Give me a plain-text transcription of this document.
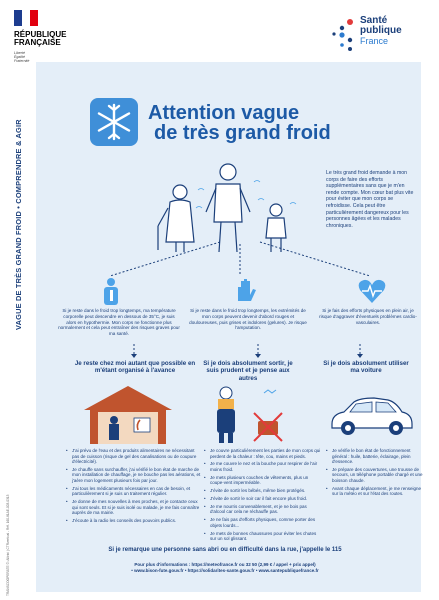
RÉPUBLIQUE
FRANÇAISE
Liberté
Égalité
Fraternité
Santé
publique
France
VAGUE DE TRÈS GRAND FROID • COMPRENDRE & AGIR
TRANSCOOPERATE ©: Allirini | CTRvertical - Réf. 160-81AE-003-0313
Attention vague
de très grand froid
Le très grand froid demande à mon corps de faire des efforts supplémentaires sans que je m'en rende compte. Mon cœur bat plus vite pour éviter que mon corps se refroidisse. Cela peut être particulièrement dangereux pour les personnes âgées et les malades chroniques.
Si je reste dans le froid trop longtemps, ma température corporelle peut descendre en dessous de 35°C, je suis alors en hypothermie. Mon corps ne fonctionne plus normalement et cela peut entraîner des risques graves pour ma santé.
Si je reste dans le froid trop longtemps, les extrémités de mon corps peuvent devenir d'abord rouges et douloureuses, puis grises et indolores (gelures). Je risque l'amputation.
Si je fais des efforts physiques en plein air, je risque d'aggraver d'éventuels problèmes cardio-vasculaires.
Je reste chez moi autant que possible en m'étant organisé à l'avance
Si je dois absolument sortir, je suis prudent et je pense aux autres
Si je dois absolument utiliser ma voiture
• J'ai prévu de l'eau et des produits alimentaires ne nécessitant pas de cuisson (risque de gel des canalisations ou de coupure d'électricité).
• Je chauffe sans surchauffer, j'ai vérifié le bon état de marche de mon installation de chauffage, je ne bouche pas les aérations, et j'aère mon logement plusieurs fois par jour.
• J'ai tous les médicaments nécessaires en cas de besoin, et particulièrement si je suis un traitement régulier.
• Je donne de mes nouvelles à mes proches, et je contacte ceux qui sont seuls. Et si je suis isolé ou malade, je me fais connaître auprès de ma mairie.
• J'écoute à la radio les conseils des pouvoirs publics.
• Je couvre particulièrement les parties de mon corps qui perdent de la chaleur : tête, cou, mains et pieds.
• Je me couvre le nez et la bouche pour respirer de l'air moins froid.
• Je mets plusieurs couches de vêtements, plus un coupe-vent imperméable.
• J'évite de sortir les bébés, même bien protégés.
• J'évite de sortir le soir car il fait encore plus froid.
• Je me nourris convenablement, et je ne bois pas d'alcool car cela ne réchauffe pas.
• Je ne fais pas d'efforts physiques, comme porter des objets lourds...
• Je mets de bonnes chaussures pour éviter les chutes sur un sol glissant.
• Je vérifie le bon état de fonctionnement général : huile, batterie, éclairage, plein d'essence.
• Je prépare des couvertures, une trousse de secours, un téléphone portable chargé et une boisson chaude.
• Avant chaque déplacement, je me renseigne sur la météo et sur l'état des routes.
Si je remarque une personne sans abri ou en difficulté dans la rue, j'appelle le 115
Pour plus d'informations : https://meteofrance.fr ou 32 50 (2,99 € / appel + prix appel)
• www.bison-fute.gouv.fr • https://solidarites-sante.gouv.fr • www.santepubliquefrance.fr
